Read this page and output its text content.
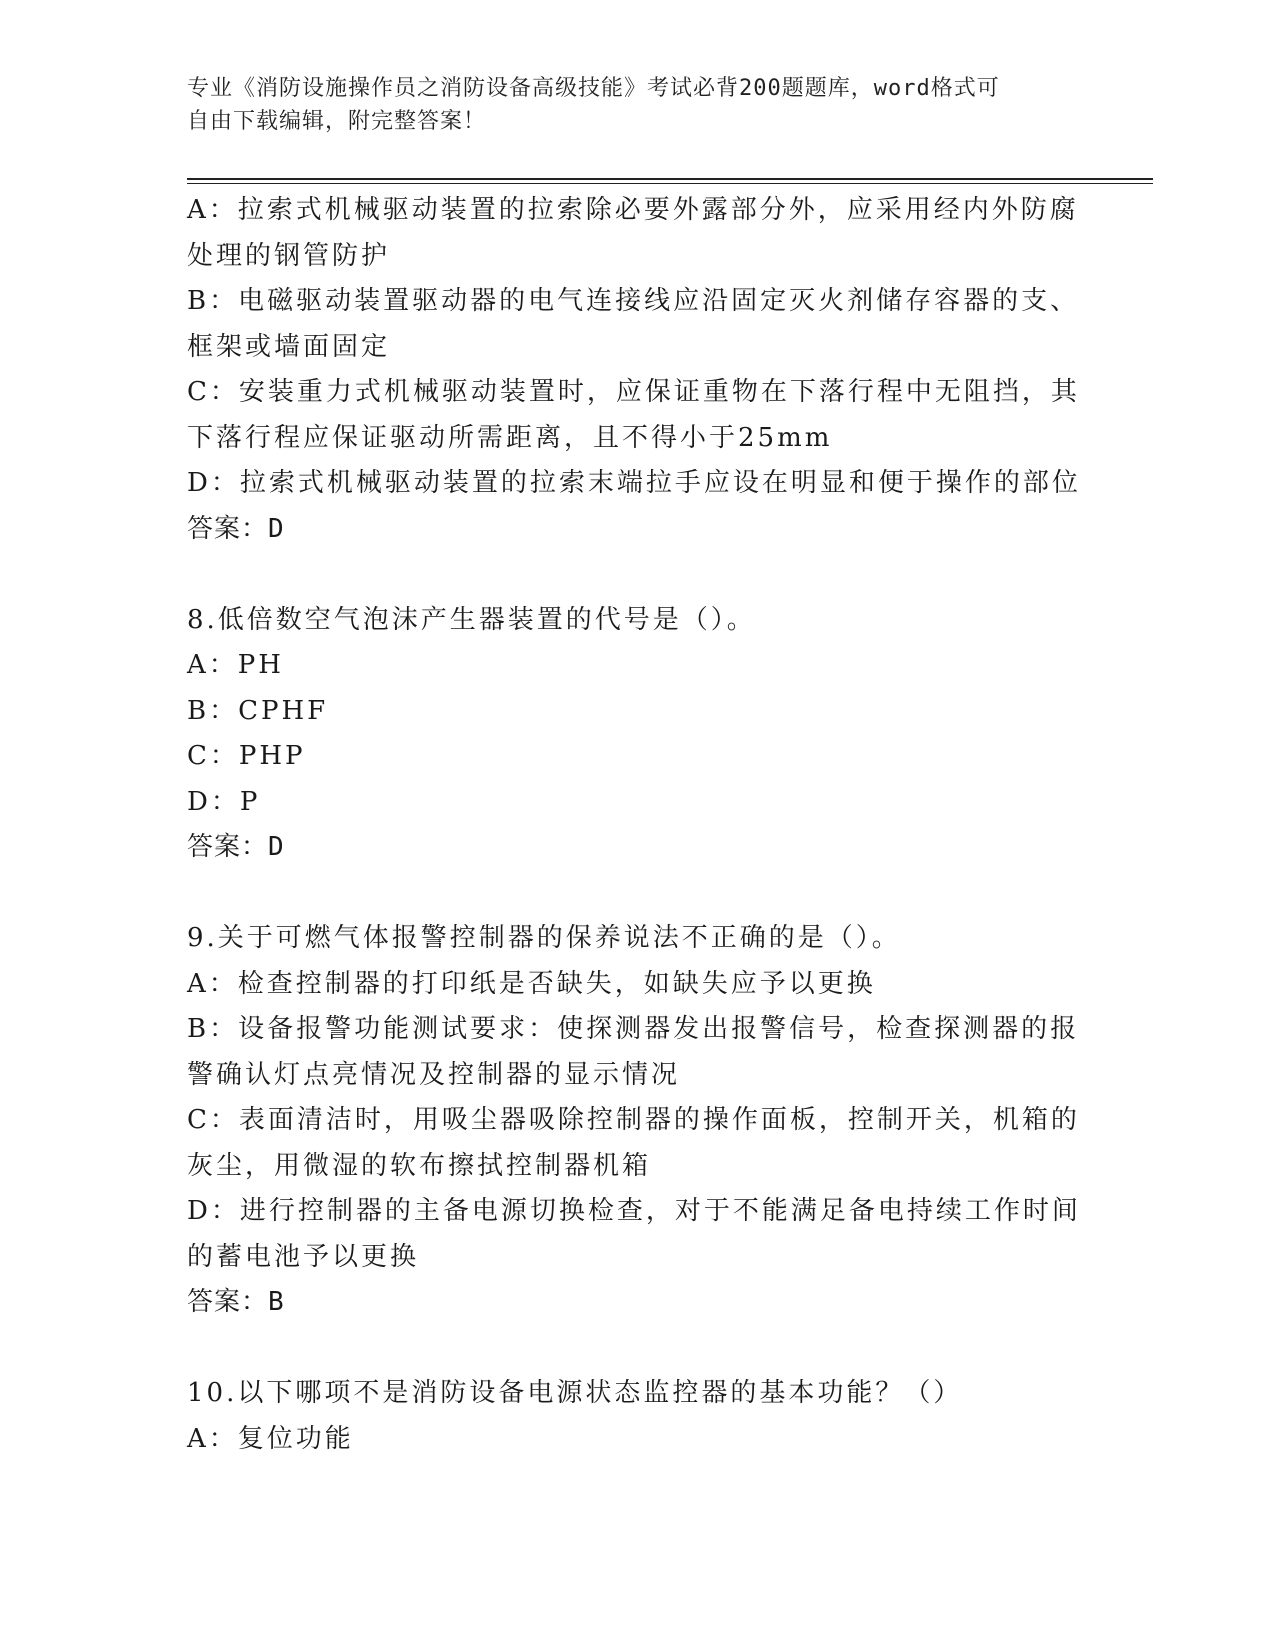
专业《消防设施操作员之消防设备高级技能》考试必背200题题库，word格式可
自由下载编辑，附完整答案！
A：拉索式机械驱动装置的拉索除必要外露部分外，应采用经内外防腐
处理的钢管防护
B：电磁驱动装置驱动器的电气连接线应沿固定灭火剂储存容器的支、
框架或墙面固定
C：安装重力式机械驱动装置时，应保证重物在下落行程中无阻挡，其
下落行程应保证驱动所需距离，且不得小于25mm
D：拉索式机械驱动装置的拉索末端拉手应设在明显和便于操作的部位
答案：D
8.低倍数空气泡沫产生器装置的代号是（）。
A：PH
B：CPHF
C：PHP
D：P
答案：D
9.关于可燃气体报警控制器的保养说法不正确的是（）。
A：检查控制器的打印纸是否缺失，如缺失应予以更换
B：设备报警功能测试要求：使探测器发出报警信号，检查探测器的报
警确认灯点亮情况及控制器的显示情况
C：表面清洁时，用吸尘器吸除控制器的操作面板，控制开关，机箱的
灰尘，用微湿的软布擦拭控制器机箱
D：进行控制器的主备电源切换检查，对于不能满足备电持续工作时间
的蓄电池予以更换
答案：B
10.以下哪项不是消防设备电源状态监控器的基本功能？（）
A：复位功能
